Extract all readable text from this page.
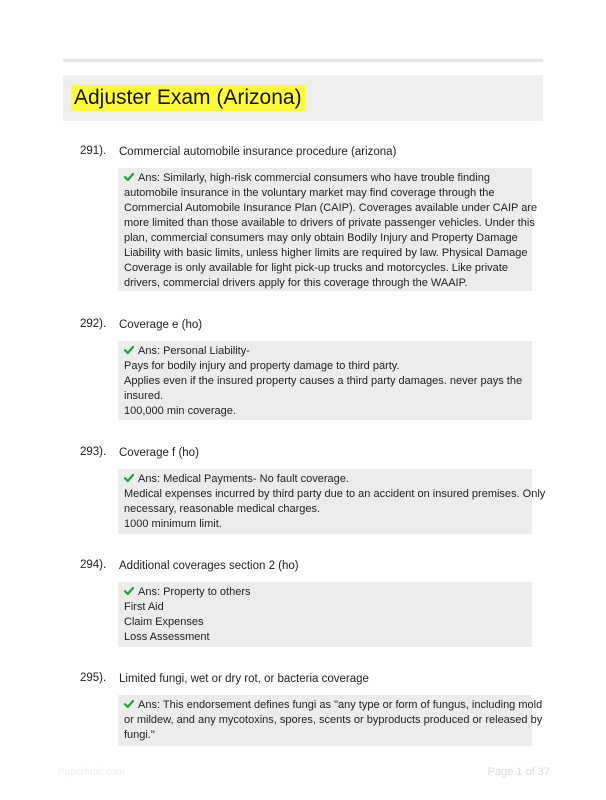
Adjuster Exam (Arizona)
291). Commercial automobile insurance procedure (arizona)
Ans: Similarly, high-risk commercial consumers who have trouble finding
automobile insurance in the voluntary market may find coverage through the
Commercial Automobile Insurance Plan (CAIP). Coverages available under CAIP are
more limited than those available to drivers of private passenger vehicles. Under this
plan, commercial consumers may only obtain Bodily Injury and Property Damage
Liability with basic limits, unless higher limits are required by law. Physical Damage
Coverage is only available for light pick-up trucks and motorcycles. Like private
drivers, commercial drivers apply for this coverage through the WAAIP.
292). Coverage e (ho)
Ans: Personal Liability-
Pays for bodily injury and property damage to third party.
Applies even if the insured property causes a third party damages. never pays the
insured.
100,000 min coverage.
293). Coverage f (ho)
Ans: Medical Payments- No fault coverage.
Medical expenses incurred by third party due to an accident on insured premises. Only
necessary, reasonable medical charges.
1000 minimum limit.
294). Additional coverages section 2 (ho)
Ans: Property to others
First Aid
Claim Expenses
Loss Assessment
295). Limited fungi, wet or dry rot, or bacteria coverage
Ans: This endorsement defines fungi as "any type or form of fungus, including mold
or mildew, and any mycotoxins, spores, scents or byproducts produced or released by
fungi."
Paperhttic.com	Page 1 of 37
